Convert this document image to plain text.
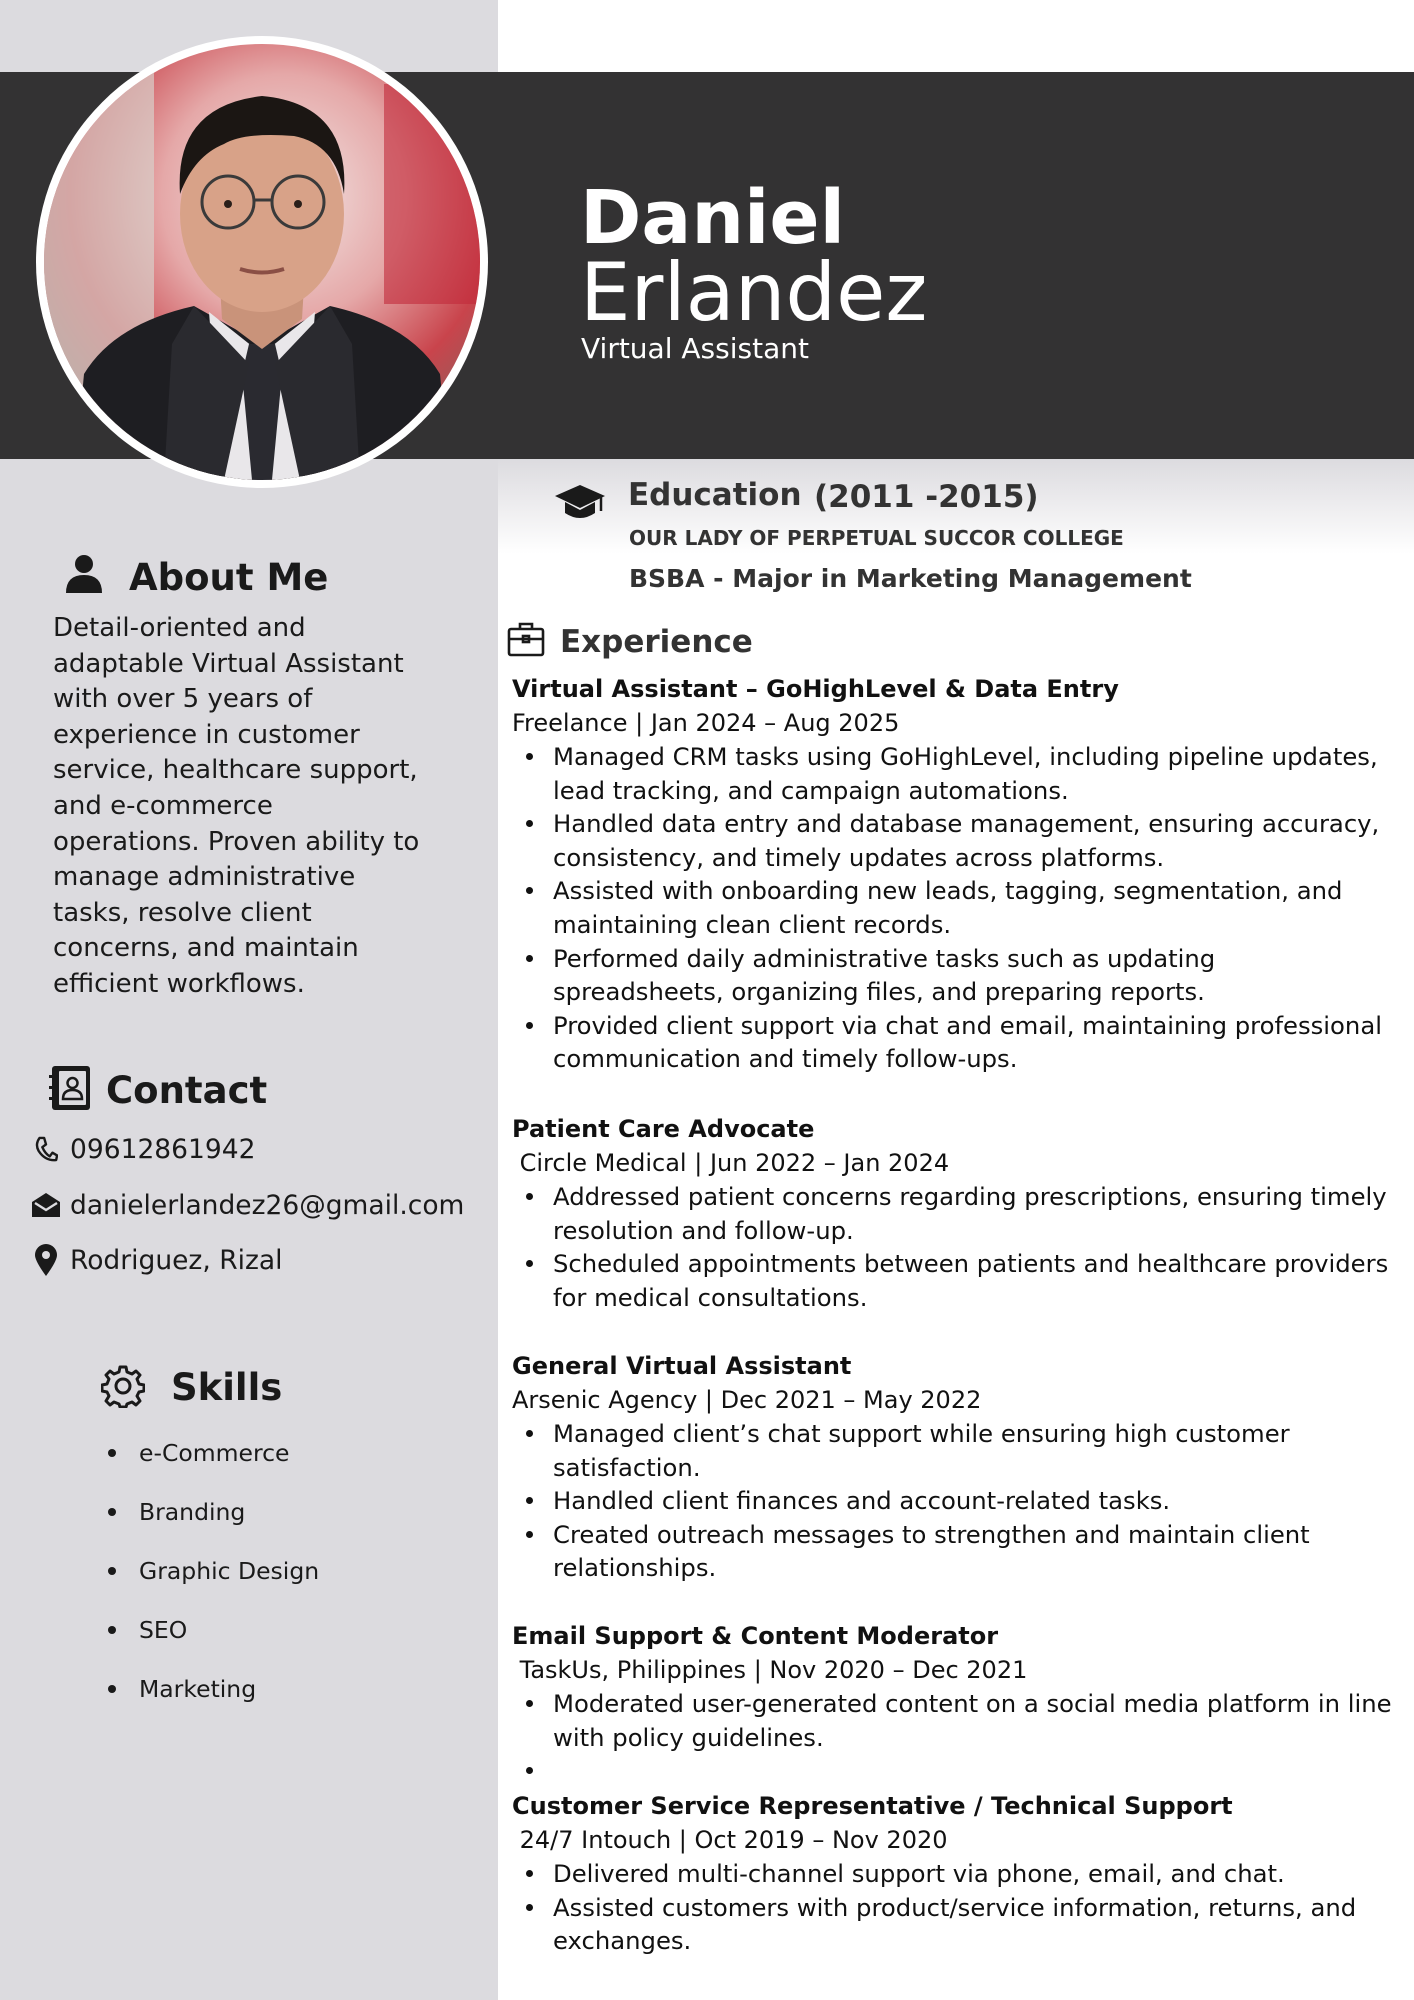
Daniel
Erlandez
Virtual Assistant
About Me
Detail-oriented and
adaptable Virtual Assistant
with over 5 years of
experience in customer
service, healthcare support,
and e-commerce
operations. Proven ability to
manage administrative
tasks, resolve client
concerns, and maintain
efficient workflows.
Contact
09612861942
danielerlandez26@gmail.com
Rodriguez, Rizal
Skills
e-Commerce
Branding
Graphic Design
SEO
Marketing
Education (2011 -2015)
OUR LADY OF PERPETUAL SUCCOR COLLEGE
BSBA - Major in Marketing Management
Experience
Virtual Assistant – GoHighLevel & Data Entry
Freelance | Jan 2024 – Aug 2025
Managed CRM tasks using GoHighLevel, including pipeline updates, lead tracking, and campaign automations.
Handled data entry and database management, ensuring accuracy, consistency, and timely updates across platforms.
Assisted with onboarding new leads, tagging, segmentation, and maintaining clean client records.
Performed daily administrative tasks such as updating spreadsheets, organizing files, and preparing reports.
Provided client support via chat and email, maintaining professional communication and timely follow-ups.
Patient Care Advocate
Circle Medical | Jun 2022 – Jan 2024
Addressed patient concerns regarding prescriptions, ensuring timely resolution and follow-up.
Scheduled appointments between patients and healthcare providers for medical consultations.
General Virtual Assistant
Arsenic Agency | Dec 2021 – May 2022
Managed client’s chat support while ensuring high customer satisfaction.
Handled client finances and account-related tasks.
Created outreach messages to strengthen and maintain client relationships.
Email Support & Content Moderator
TaskUs, Philippines | Nov 2020 – Dec 2021
Moderated user-generated content on a social media platform in line with policy guidelines.
Customer Service Representative / Technical Support
24/7 Intouch | Oct 2019 – Nov 2020
Delivered multi-channel support via phone, email, and chat.
Assisted customers with product/service information, returns, and exchanges.
